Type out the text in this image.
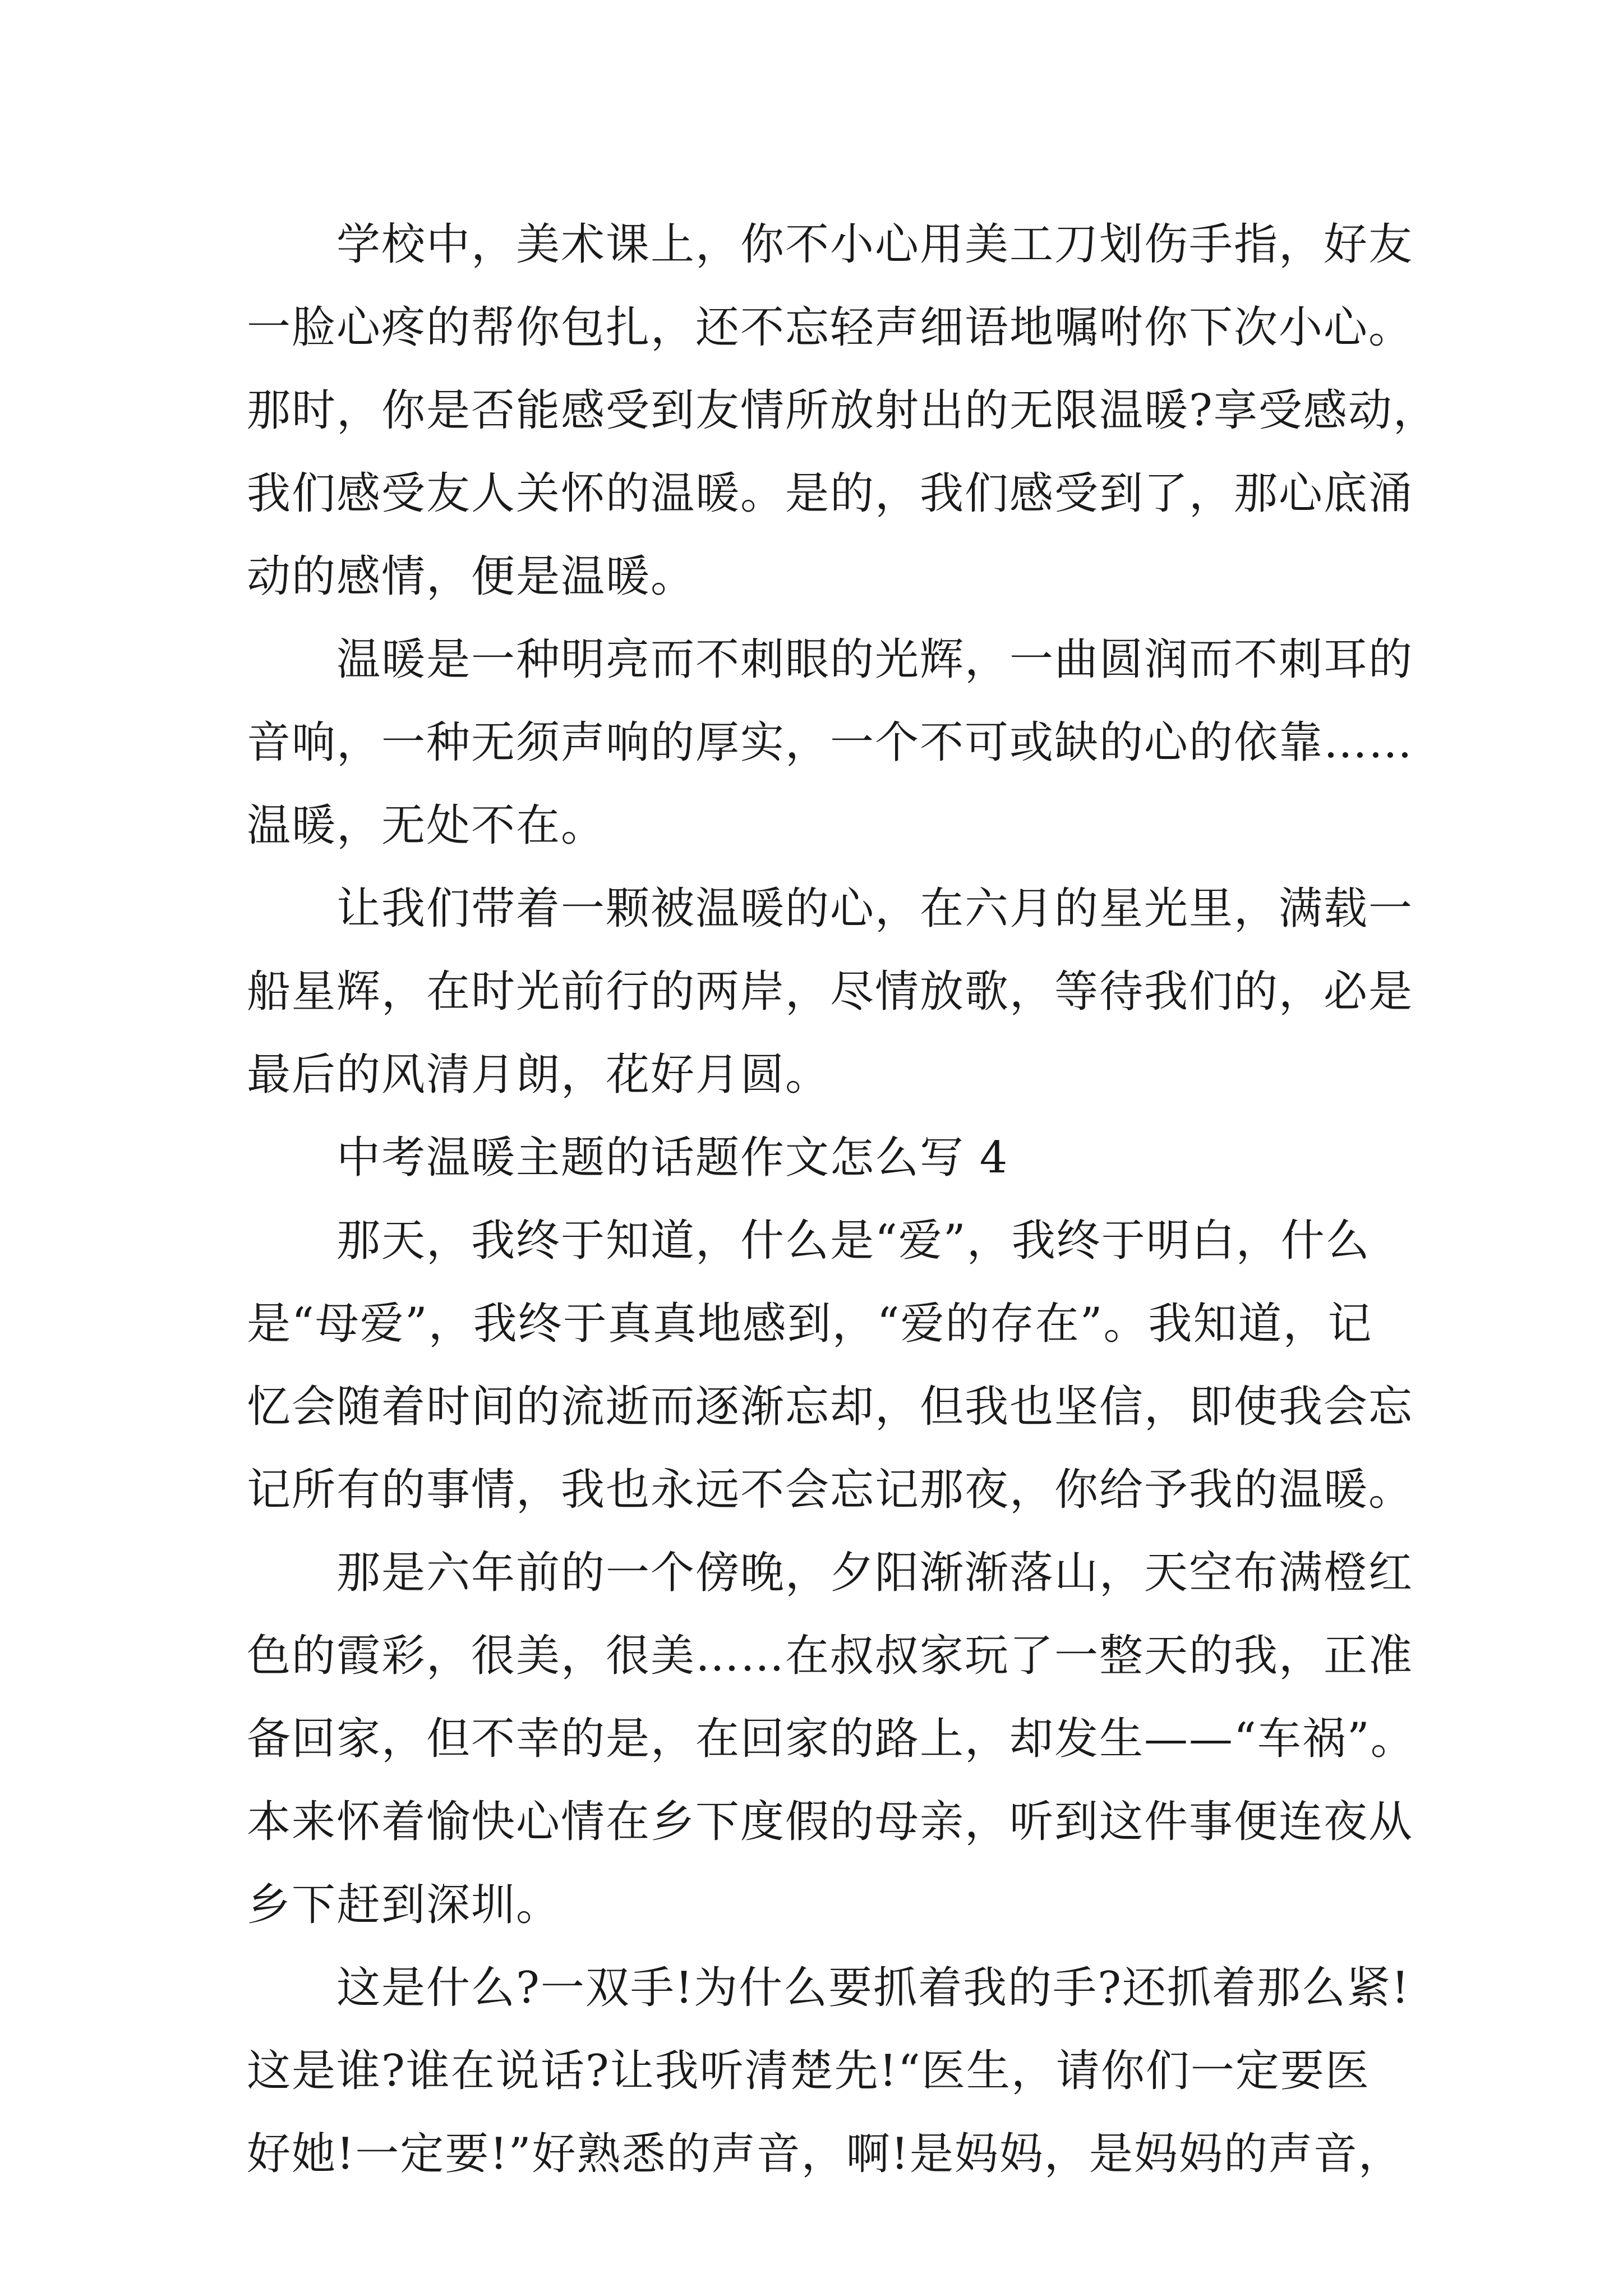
学校中，美术课上，你不小心用美工刀划伤手指，好友
一脸心疼的帮你包扎，还不忘轻声细语地嘱咐你下次小心。
那时，你是否能感受到友情所放射出的无限温暖?享受感动，
我们感受友人关怀的温暖。是的，我们感受到了，那心底涌
动的感情，便是温暖。
温暖是一种明亮而不刺眼的光辉，一曲圆润而不刺耳的
音响，一种无须声响的厚实，一个不可或缺的心的依靠……
温暖，无处不在。
让我们带着一颗被温暖的心，在六月的星光里，满载一
船星辉，在时光前行的两岸，尽情放歌，等待我们的，必是
最后的风清月朗，花好月圆。
中考温暖主题的话题作文怎么写 4
那天，我终于知道，什么是“爱”，我终于明白，什么
是“母爱”，我终于真真地感到，“爱的存在”。我知道，记
忆会随着时间的流逝而逐渐忘却，但我也坚信，即使我会忘
记所有的事情，我也永远不会忘记那夜，你给予我的温暖。
那是六年前的一个傍晚，夕阳渐渐落山，天空布满橙红
色的霞彩，很美，很美……在叔叔家玩了一整天的我，正准
备回家，但不幸的是，在回家的路上，却发生——“车祸”。
本来怀着愉快心情在乡下度假的母亲，听到这件事便连夜从
乡下赶到深圳。
这是什么?一双手!为什么要抓着我的手?还抓着那么紧!
这是谁?谁在说话?让我听清楚先!“医生，请你们一定要医
好她!一定要!”好熟悉的声音，啊!是妈妈，是妈妈的声音，
